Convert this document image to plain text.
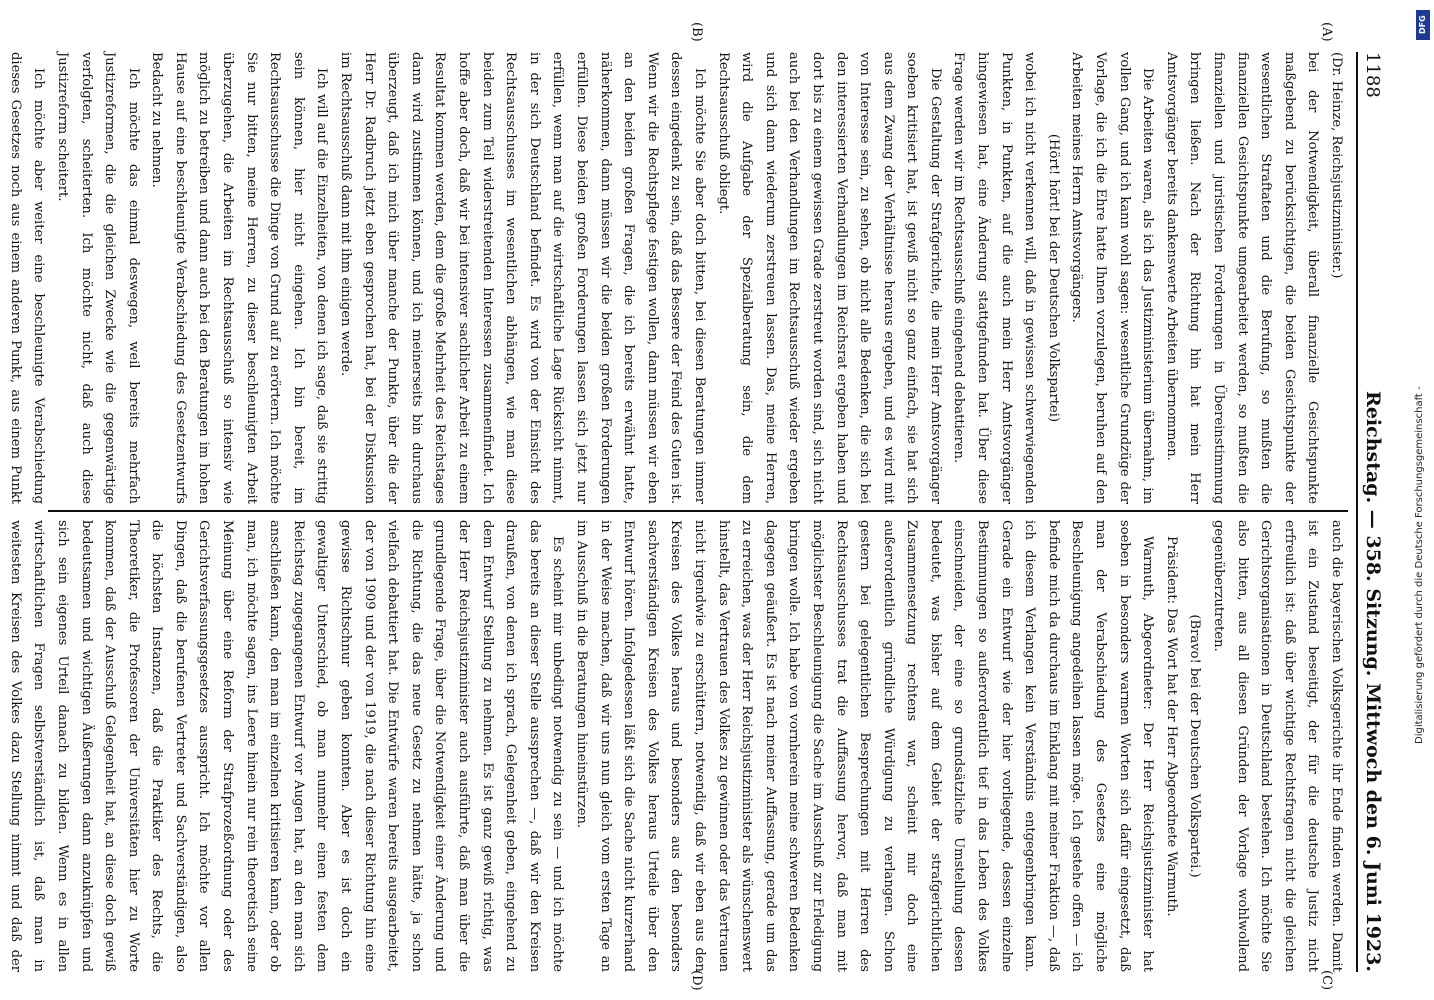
1188
Reichstag. — 358. Sitzung. Mittwoch den 6. Juni 1923.
(A)
(B)
(C)
(D)

(Dr. Heinze, Reichsjustizminister.)

bei der Notwendigkeit, überall finanzielle Gesichtspunkte maßgebend zu berücksichtigen, die beiden Gesichtspunkte der wesentlichen Straftaten und die Berufung, so mußten die finanziellen Gesichtspunkte umgearbeitet werden, so mußten die finanziellen und juristischen Forderungen in Übereinstimmung bringen ließen. Nach der Richtung hin hat mein Herr Amtsvorgänger bereits dankenswerte Arbeiten übernommen.

Die Arbeiten waren, als ich das Justizministerium übernahm, im vollen Gang, und ich kann wohl sagen: wesentliche Grundzüge der Vorlage, die ich die Ehre hatte Ihnen vorzulegen, beruhen auf den Arbeiten meines Herrn Amtsvorgängers.

(Hört! hört! bei der Deutschen Volkspartei)

wobei ich nicht verkennen will, daß in gewissen schwerwiegenden Punkten, in Punkten, auf die auch mein Herr Amtsvorgänger hingewiesen hat, eine Änderung stattgefunden hat. Über diese Frage werden wir im Rechtsausschuß eingehend debattieren.

Die Gestaltung der Strafgerichte, die mein Herr Amtsvorgänger soeben kritisiert hat, ist gewiß nicht so ganz einfach, sie hat sich aus dem Zwang der Verhältnisse heraus ergeben, und es wird mit von Interesse sein, zu sehen, ob nicht alle Bedenken, die sich bei den interessierten Verhandlungen im Reichsrat ergeben haben und dort bis zu einem gewissen Grade zerstreut worden sind, sich nicht auch bei den Verhandlungen im Rechtsausschuß wieder ergeben und sich dann wiederum zerstreuen lassen. Das, meine Herren, wird die Aufgabe der Spezialberatung sein, die dem Rechtsausschuß obliegt.

Ich möchte Sie aber doch bitten, bei diesen Beratungen immer dessen eingedenk zu sein, daß das Bessere der Feind des Guten ist. Wenn wir die Rechtspflege festigen wollen, dann müssen wir eben an den beiden großen Fragen, die ich bereits erwähnt hatte, näherkommen, dann müssen wir die beiden großen Forderungen erfüllen. Diese beiden großen Forderungen lassen sich jetzt nur erfüllen, wenn man auf die wirtschaftliche Lage Rücksicht nimmt, in der sich Deutschland befindet. Es wird von der Einsicht des Rechtsausschusses im wesentlichen abhängen, wie man diese beiden zum Teil widerstreitenden Interessen zusammenfindet. Ich hoffe aber doch, daß wir bei intensiver sachlicher Arbeit zu einem Resultat kommen werden, dem die große Mehrheit des Reichstages dann wird zustimmen können, und ich meinerseits bin durchaus überzeugt, daß ich mich über manche der Punkte, über die der Herr Dr. Radbruch jetzt eben gesprochen hat, bei der Diskussion im Rechtsausschuß dann mit ihm einigen werde.

Ich will auf die Einzelheiten, von denen ich sage, daß sie strittig sein können, hier nicht eingehen. Ich bin bereit, im Rechtsausschusse die Dinge von Grund auf zu erörtern. Ich möchte Sie nur bitten, meine Herren, zu dieser beschleunigten Arbeit überzugehen, die Arbeiten im Rechtsausschuß so intensiv wie möglich zu betreiben und dann auch bei den Beratungen im hohen Hause auf eine beschleunigte Verabschiedung des Gesetzentwurfs Bedacht zu nehmen.

Ich möchte das einmal deswegen, weil bereits mehrfach Justizreformen, die die gleichen Zwecke wie die gegenwärtige verfolgten, scheiterten. Ich möchte nicht, daß auch diese Justizreform scheitert.

Ich möchte aber weiter eine beschleunigte Verabschiedung dieses Gesetzes noch aus einem anderen Punkt, aus einem Punkt

auch die bayerischen Volksgerichte ihr Ende finden werden. Damit ist ein Zustand beseitigt, der für die deutsche Justiz nicht erfreulich ist: daß über wichtige Rechtsfragen nicht die gleichen Gerichtsorganisationen in Deutschland bestehen. Ich möchte Sie also bitten, aus all diesen Gründen der Vorlage wohlwollend gegenüberzutreten.

(Bravo! bei der Deutschen Volkspartei.)

Präsident: Das Wort hat der Herr Abgeordnete Warmuth.

Warmuth, Abgeordneter: Der Herr Reichsjustizminister hat soeben in besonders warmen Worten sich dafür eingesetzt, daß man der Verabschiedung des Gesetzes eine mögliche Beschleunigung angedeihen lassen möge. Ich gestehe offen — ich befinde mich da durchaus im Einklang mit meiner Fraktion —, daß ich diesem Verlangen kein Verständnis entgegenbringen kann. Gerade ein Entwurf wie der hier vorliegende, dessen einzelne Bestimmungen so außerordentlich tief in das Leben des Volkes einschneiden, der eine so grundsätzliche Umstellung dessen bedeutet, was bisher auf dem Gebiet der strafgerichtlichen Zusammensetzung rechtens war, scheint mir doch eine außerordentlich gründliche Würdigung zu verlangen. Schon gestern bei gelegentlichen Besprechungen mit Herren des Rechtsausschusses trat die Auffassung hervor, daß man mit möglichster Beschleunigung die Sache im Ausschuß zur Erledigung bringen wolle. Ich habe von vornherein meine schweren Bedenken dagegen geäußert. Es ist nach meiner Auffassung, gerade um das zu erreichen, was der Herr Reichsjustizminister als wünschenswert hinstellt, das Vertrauen des Volkes zu gewinnen oder das Vertrauen nicht irgendwie zu erschüttern, notwendig, daß wir eben aus den Kreisen des Volkes heraus und besonders aus den besonders sachverständigen Kreisen des Volkes heraus Urteile über den Entwurf hören. Infolgedessen läßt sich die Sache nicht kurzerhand in der Weise machen, daß wir uns nun gleich vom ersten Tage an im Ausschuß in die Beratungen hineinstürzen.

Es scheint mir unbedingt notwendig zu sein — und ich möchte das bereits an dieser Stelle aussprechen —, daß wir den Kreisen draußen, von denen ich sprach, Gelegenheit geben, eingehend zu dem Entwurf Stellung zu nehmen. Es ist ganz gewiß richtig, was der Herr Reichsjustizminister auch ausführte, daß man über die grundlegende Frage, über die Notwendigkeit einer Änderung und die Richtung, die das neue Gesetz zu nehmen hätte, ja schon vielfach debattiert hat. Die Entwürfe waren bereits ausgearbeitet, der von 1909 und der von 1919, die nach dieser Richtung hin eine gewisse Richtschnur geben konnten. Aber es ist doch ein gewaltiger Unterschied, ob man nunmehr einen festen dem Reichstag zugegangenen Entwurf vor Augen hat, an den man sich anschließen kann, den man im einzelnen kritisieren kann, oder ob man, ich möchte sagen, ins Leere hinein nur rein theoretisch seine Meinung über eine Reform der Strafprozeßordnung oder des Gerichtsverfassungsgesetzes ausspricht. Ich möchte vor allen Dingen, daß die berufenen Vertreter und Sachverständigen, also die höchsten Instanzen, daß die Praktiker des Rechts, die Theoretiker, die Professoren der Universitäten hier zu Worte kommen, daß der Ausschuß Gelegenheit hat, an diese doch gewiß bedeutsamen und wichtigen Äußerungen dann anzuknüpfen und sich sein eigenes Urteil danach zu bilden. Wenn es in allen wirtschaftlichen Fragen selbstverständlich ist, daß man in weitesten Kreisen des Volkes dazu Stellung nimmt und daß der

DFG
Digitalisierung gefördert durch die Deutsche Forschungsgemeinschaft -
